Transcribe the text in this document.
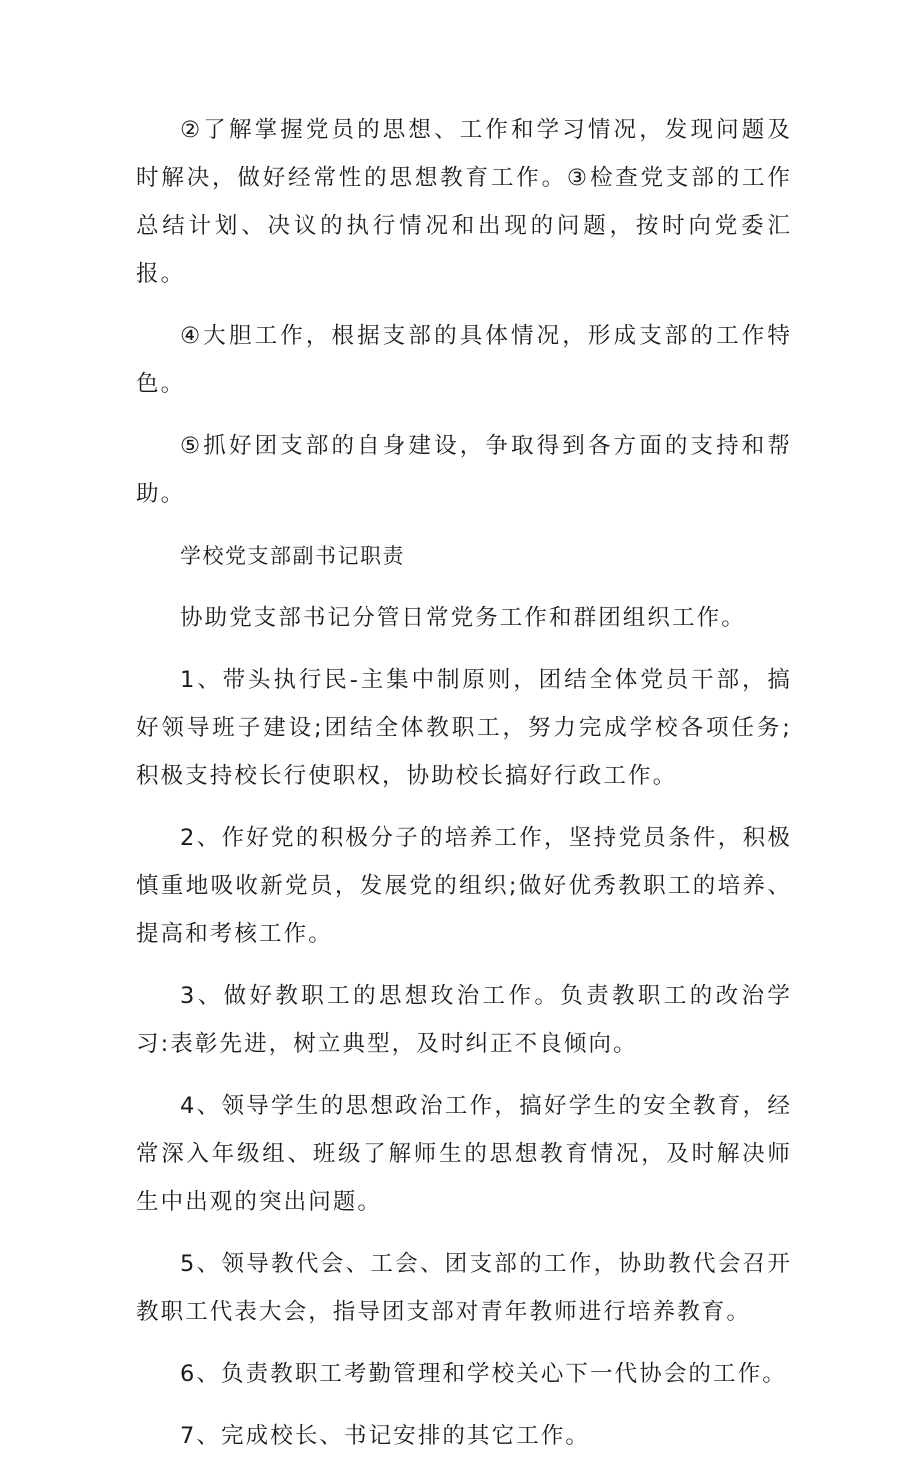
②了解掌握党员的思想、工作和学习情况，发现问题及时解决，做好经常性的思想教育工作。③检查党支部的工作总结计划、决议的执行情况和出现的问题，按时向党委汇报。

④大胆工作，根据支部的具体情况，形成支部的工作特色。

⑤抓好团支部的自身建设，争取得到各方面的支持和帮助。

学校党支部副书记职责

协助党支部书记分管日常党务工作和群团组织工作。

1、带头执行民-主集中制原则，团结全体党员干部，搞好领导班子建设;团结全体教职工，努力完成学校各项任务;积极支持校长行使职权，协助校长搞好行政工作。

2、作好党的积极分子的培养工作，坚持党员条件，积极慎重地吸收新党员，发展党的组织;做好优秀教职工的培养、提高和考核工作。

3、做好教职工的思想玫治工作。负责教职工的改治学习:表彰先进，树立典型，及时纠正不良倾向。

4、领导学生的思想政治工作，搞好学生的安全教育，经常深入年级组、班级了解师生的思想教育情况，及时解决师生中出观的突出问题。

5、领导教代会、工会、团支部的工作，协助教代会召开教职工代表大会，指导团支部对青年教师进行培养教育。

6、负责教职工考勤管理和学校关心下一代协会的工作。

7、完成校长、书记安排的其它工作。
